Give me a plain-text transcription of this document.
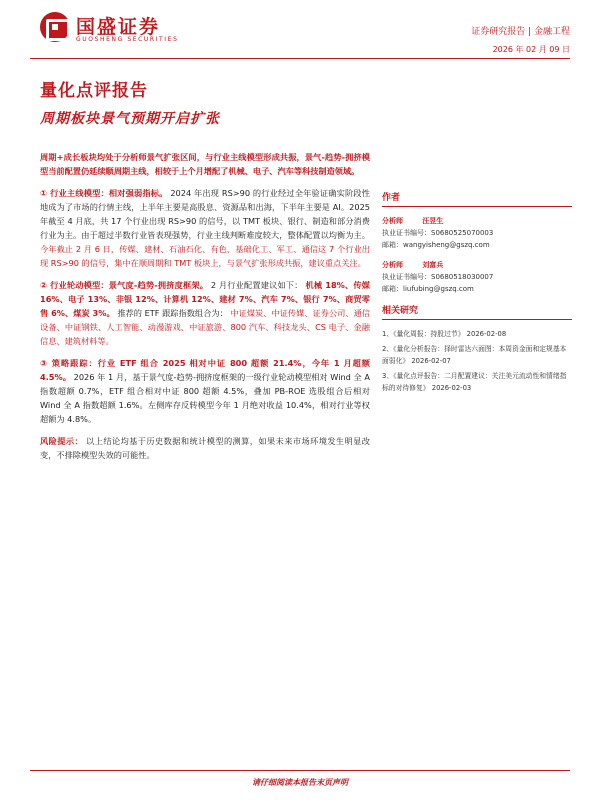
国盛证券
GUOSHENG SECURITIES
证券研究报告 | 金融工程
2026 年 02 月 09 日
量化点评报告
周期板块景气预期开启扩张

周期+成长板块均处于分析师景气扩张区间，与行业主线模型形成共振，景气-趋势-拥挤模型当前配置仍延续顺周期主线，相较于上个月增配了机械、电子、汽车等科技制造领域。

① 行业主线模型：相对强弱指标。 2024 年出现 RS>90 的行业经过全年验证确实阶段性地成为了市场的行情主线，上半年主要是高股息、资源品和出海，下半年主要是 AI。2025 年截至 4 月底，共 17 个行业出现 RS>90 的信号，以 TMT 板块、银行、制造和部分消费行业为主。由于超过半数行业皆表现强势，行业主线判断难度较大，整体配置以均衡为主。 今年截止 2 月 6 日，传媒、建材、石油石化、有色、基础化工、军工、通信这 7 个行业出现 RS>90 的信号，集中在顺周期和 TMT 板块上，与景气扩张形成共振，建议重点关注。

② 行业轮动模型：景气度-趋势-拥挤度框架。 2 月行业配置建议如下： 机械 18%、传媒 16%、电子 13%、非银 12%、计算机 12%、建材 7%、汽车 7%、银行 7%、商贸零售 6%、煤炭 3%。 推荐的 ETF 跟踪指数组合为： 中证煤炭、中证传媒、证券公司、通信设备、中证钢铁、人工智能、动漫游戏、中证旅游、800 汽车、科技龙头、CS 电子、金融信息、建筑材料等。

③ 策略跟踪：行业 ETF 组合 2025 相对中证 800 超额 21.4%，今年 1 月超额 4.5%。 2026 年 1 月，基于景气度-趋势-拥挤度框架的一级行业轮动模型相对 Wind 全 A 指数超额 0.7%，ETF 组合相对中证 800 超额 4.5%，叠加 PB-ROE 选股组合后相对 Wind 全 A 指数超额 1.6%。左侧库存反转模型今年 1 月绝对收益 10.4%，相对行业等权超额为 4.8%。

风险提示： 以上结论均基于历史数据和统计模型的测算，如果未来市场环境发生明显改变，不排除模型失效的可能性。

作者
分析师	汪昱生
执业证书编号：S0680525070003
邮箱：wangyisheng@gszq.com
分析师	刘富兵
执业证书编号：S0680518030007
邮箱：liufubing@gszq.com
相关研究
1、《量化周报：持股过节》 2026-02-08
2、《量化分析报告：择时雷达六面图：本周资金面和定规基本面弱化》 2026-02-07
3、《量化点评报告：二月配置建议：关注美元流动性和情绪指标的对待修复》 2026-02-03
请仔细阅读本报告末页声明
